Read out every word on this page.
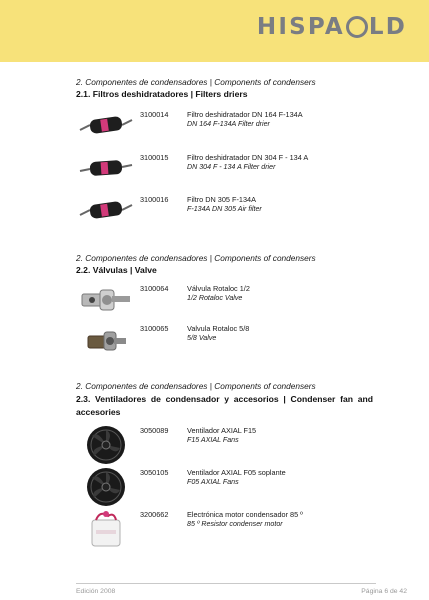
HISPA LD
2. Componentes de condensadores | Components of condensers
2.1. Filtros deshidratadores | Filters driers
3100014	Filtro deshidratador DN 164 F-134A
DN 164 F-134A Filter drier
3100015	Filtro deshidratador DN 304 F - 134 A
DN 304 F - 134 A Filter drier
3100016	Filtro DN 305 F-134A
F-134A DN 305 Air filter
2. Componentes de condensadores | Components of condensers
2.2. Válvulas | Valve
3100064	Válvula Rotaloc 1/2
1/2 Rotaloc Valve
3100065	Valvula Rotaloc 5/8
5/8 Valve
2. Componentes de condensadores | Components of condensers
2.3. Ventiladores de condensador y accesorios | Condenser fan and accesories
3050089	Ventilador AXIAL F15
F15 AXIAL Fans
3050105	Ventilador AXIAL F05 soplante
F05 AXIAL Fans
3200662	Electrónica motor condensador 85 º
85 º Resistor condenser motor
Edición 2008	Página 6 de 42
